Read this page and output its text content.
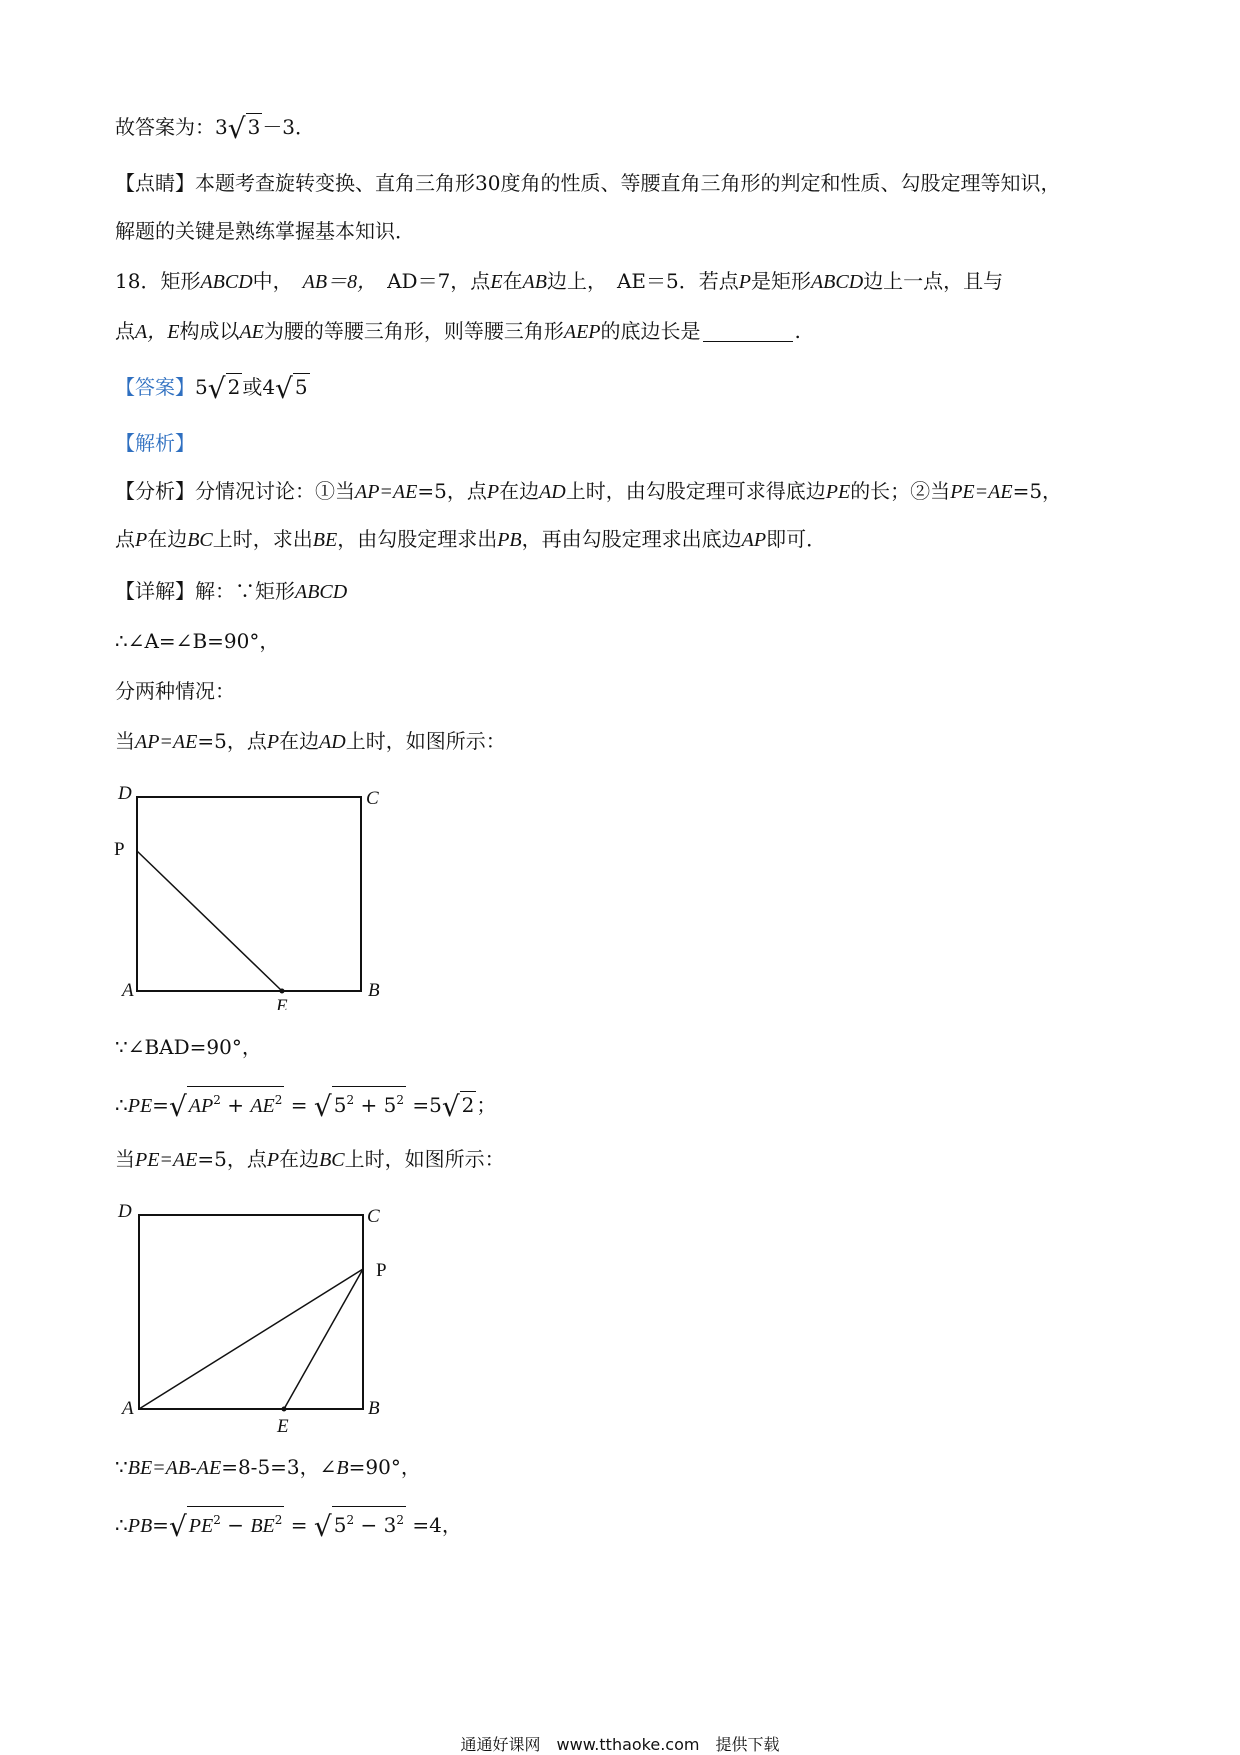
故答案为：3√ 3 －3．
【点睛】本题考查旋转变换、直角三角形30度角的性质、等腰直角三角形的判定和性质、勾股定理等知识，
解题的关键是熟练掌握基本知识．
18．矩形ABCD中，　 AB＝8，　 AD＝7，点E在AB边上，　 AE＝5．若点P是矩形ABCD边上一点，且与
点A，E构成以AE为腰的等腰三角形，则等腰三角形AEP的底边长是	.
【答案】5√ 2 或4√ 5
【解析】
【分析】分情况讨论：①当AP=AE=5，点P在边AD上时，由勾股定理可求得底边PE的长；②当PE=AE=5，
点P在边BC上时，求出BE，由勾股定理求出PB，再由勾股定理求出底边AP即可．
【详解】解：∵矩形ABCD
∴∠A=∠B=90°，
分两种情况：
当AP=AE=5，点P在边AD上时，如图所示：
D	C
P
A
E
B
∵∠BAD=90°，
∴PE=√ $AP^2 + AE^2$ = √ $5^2 + 5^2 =5√$ 2 ；
当PE=AE=5，点P在边BC上时，如图所示：
D	C
P
A
E
B
∵BE=AB-AE=8-5=3，∠B=90°，
∴PB=√ $PE^2 - BE^2$ = √ $5^2 - 3^2 =4$，
通通好课网　www.tthaoke.com　提供下载
